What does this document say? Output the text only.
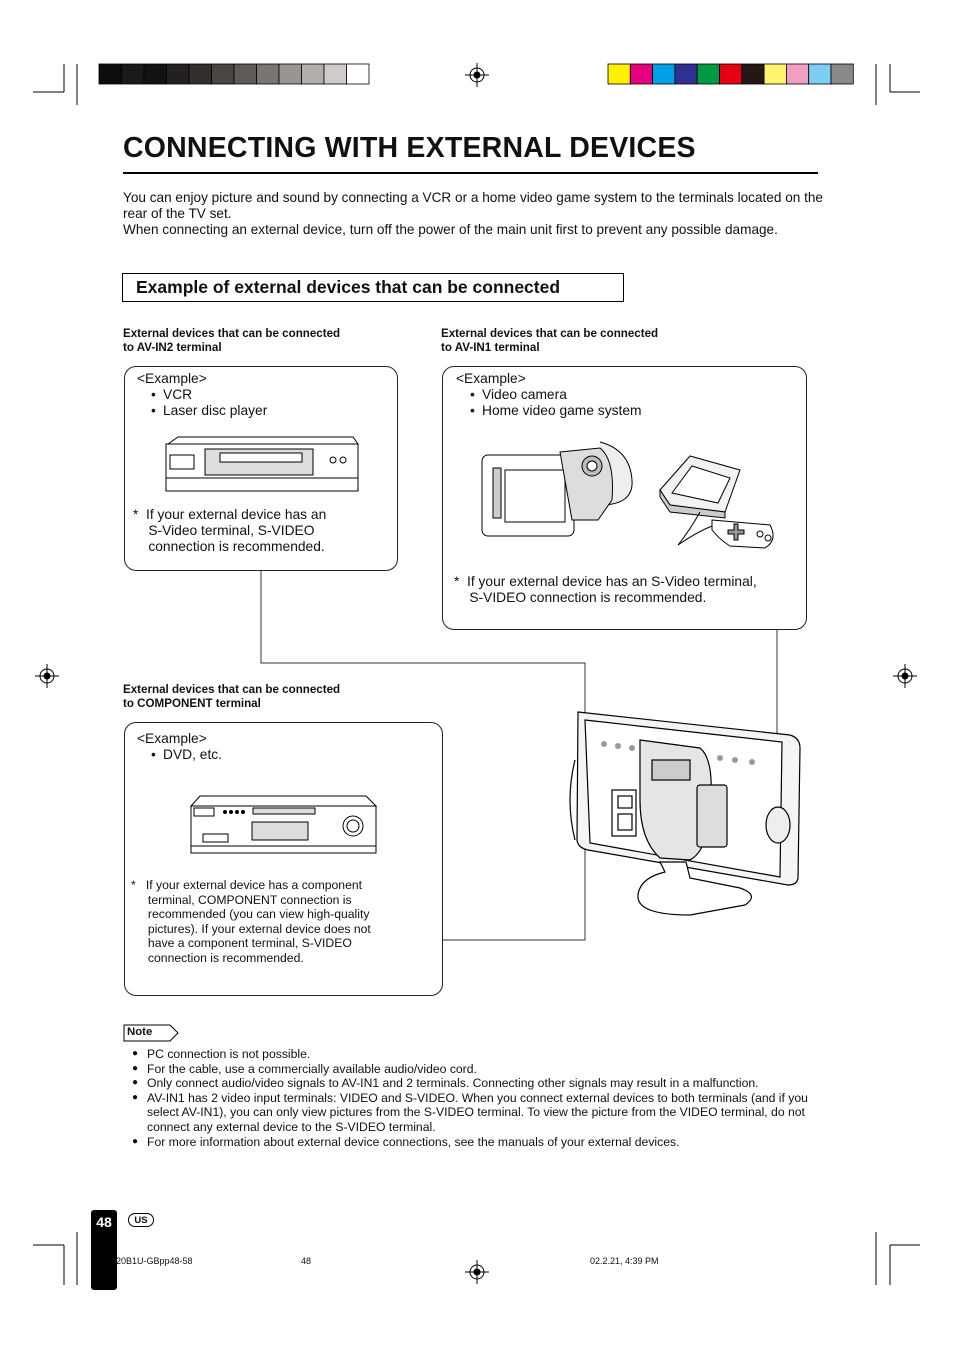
CONNECTING WITH EXTERNAL DEVICES

You can enjoy picture and sound by connecting a VCR or a home video game system to the terminals located on the rear of the TV set.
When connecting an external device, turn off the power of the main unit first to prevent any possible damage.

Example of external devices that can be connected

External devices that can be connected
to AV-IN2 terminal

<Example>
• VCR
• Laser disc player

*  If your external device has an
S-Video terminal, S-VIDEO
connection is recommended.

External devices that can be connected
to AV-IN1 terminal

<Example>
• Video camera
• Home video game system

*  If your external device has an S-Video terminal,
S-VIDEO connection is recommended.

External devices that can be connected
to COMPONENT terminal

<Example>
• DVD, etc.

*   If your external device has a component
terminal, COMPONENT connection is
recommended (you can view high-quality
pictures). If your external device does not
have a component terminal, S-VIDEO
connection is recommended.

Note

● PC connection is not possible.
● For the cable, use a commercially available audio/video cord.
● Only connect audio/video signals to AV-IN1 and 2 terminals. Connecting other signals may result in a malfunction.
● AV-IN1 has 2 video input terminals: VIDEO and S-VIDEO. When you connect external devices to both terminals (and if you select AV-IN1), you can only view pictures from the S-VIDEO terminal. To view the picture from the VIDEO terminal, do not connect any external device to the S-VIDEO terminal.
● For more information about external device connections, see the manuals of your external devices.

48	US

20B1U-GBpp48-58	48	02.2.21, 4:39 PM
